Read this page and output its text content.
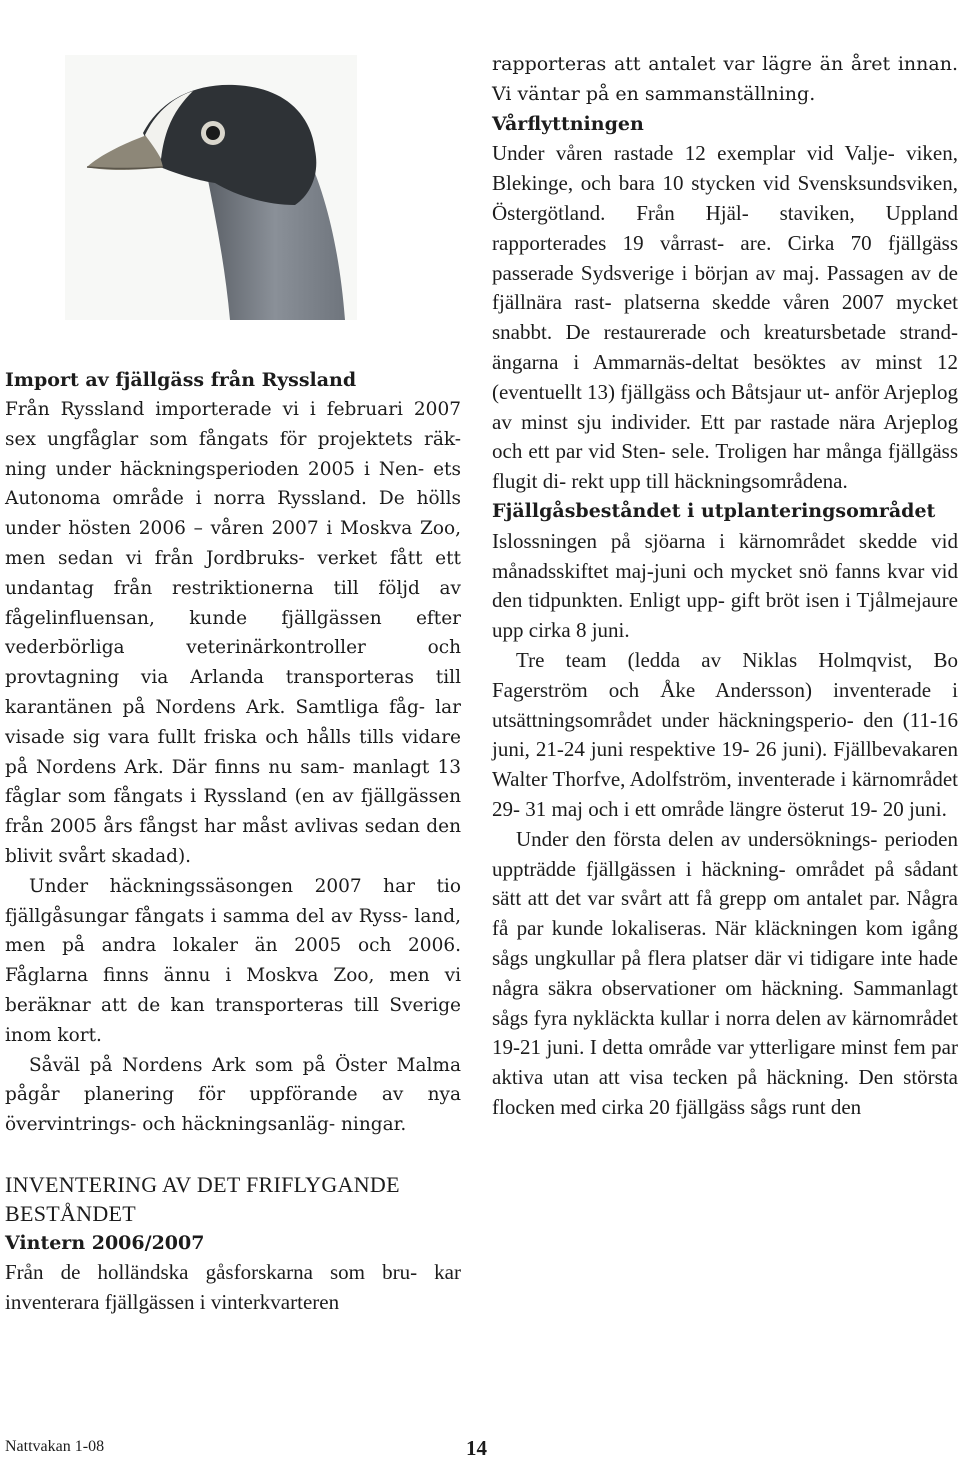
Import av fjällgäss från Ryssland

Från Ryssland importerade vi i februari 2007 sex ungfåglar som fångats för projektets räk- ning under häckningsperioden 2005 i Nen- ets Autonoma område i norra Ryssland. De hölls under hösten 2006 – våren 2007 i Moskva Zoo, men sedan vi från Jordbruks- verket fått ett undantag från restriktionerna till följd av fågelinfluensan, kunde fjällgässen efter vederbörliga veterinärkontroller och provtagning via Arlanda transporteras till karantänen på Nordens Ark. Samtliga fåg- lar visade sig vara fullt friska och hålls tills vidare på Nordens Ark. Där finns nu sam- manlagt 13 fåglar som fångats i Ryssland (en av fjällgässen från 2005 års fångst har måst avlivas sedan den blivit svårt skadad).

Under häckningssäsongen 2007 har tio fjällgåsungar fångats i samma del av Ryss- land, men på andra lokaler än 2005 och 2006. Fåglarna finns ännu i Moskva Zoo, men vi beräknar att de kan transporteras till Sverige inom kort.

Såväl på Nordens Ark som på Öster Malma pågår planering för uppförande av nya övervintrings- och häckningsanläg- ningar.

INVENTERING AV DET FRIFLYGANDE BESTÅNDET
Vintern 2006/2007

Från de holländska gåsforskarna som bru- kar inventerara fjällgässen i vinterkvarteren

rapporteras att antalet var lägre än året innan. Vi väntar på en sammanställning.

Vårflyttningen

Under våren rastade 12 exemplar vid Valje- viken, Blekinge, och bara 10 stycken vid Svensksundsviken, Östergötland. Från Hjäl- staviken, Uppland rapporterades 19 vårrast- are. Cirka 70 fjällgäss passerade Sydsverige i början av maj. Passagen av de fjällnära rast- platserna skedde våren 2007 mycket snabbt. De restaurerade och kreatursbetade strand- ängarna i Ammarnäs-deltat besöktes av minst 12 (eventuellt 13) fjällgäss och Båtsjaur ut- anför Arjeplog av minst sju individer. Ett par rastade nära Arjeplog och ett par vid Sten- sele. Troligen har många fjällgäss flugit di- rekt upp till häckningsområdena.

Fjällgåsbeståndet i utplanteringsområdet

Islossningen på sjöarna i kärnområdet skedde vid månadsskiftet maj-juni och mycket snö fanns kvar vid den tidpunkten. Enligt upp- gift bröt isen i Tjålmejaure upp cirka 8 juni.

Tre team (ledda av Niklas Holmqvist, Bo Fagerström och Åke Andersson) inventerade i utsättningsområdet under häckningsperio- den (11-16 juni, 21-24 juni respektive 19- 26 juni). Fjällbevakaren Walter Thorfve, Adolfström, inventerade i kärnområdet 29- 31 maj och i ett område längre österut 19- 20 juni.

Under den första delen av undersöknings- perioden uppträdde fjällgässen i häckning- området på sådant sätt att det var svårt att få grepp om antalet par. Några få par kunde lokaliseras. När kläckningen kom igång sågs ungkullar på flera platser där vi tidigare inte hade några säkra observationer om häckning. Sammanlagt sågs fyra nykläckta kullar i norra delen av kärnområdet 19-21 juni. I detta område var ytterligare minst fem par aktiva utan att visa tecken på häckning. Den största flocken med cirka 20 fjällgäss sågs runt den

Nattvakan 1-08	14
